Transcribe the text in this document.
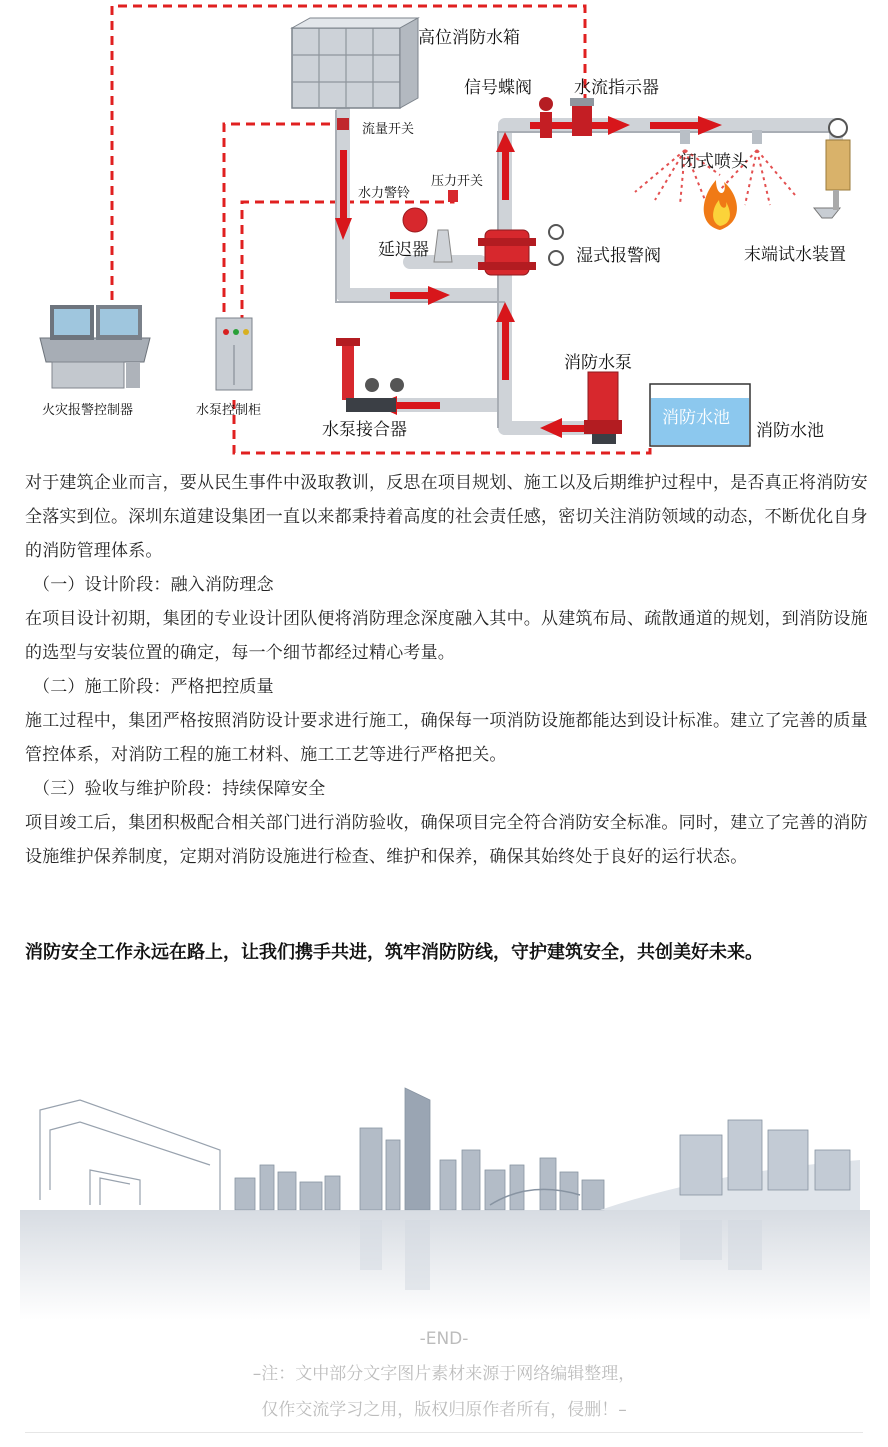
高位消防水箱
流量开关
信号蝶阀 水流指示器
闭式喷头
水力警铃
压力开关
延迟器	湿式报警阀	末端试水装置
火灾报警控制器	水泵控制柜
水泵接合器
消防水泵
消防水池
消防水池

对于建筑企业而言，要从民生事件中汲取教训，反思在项目规划、施工以及后期维护过程中，是否真正将消防安全落实到位。深圳东道建设集团一直以来都秉持着高度的社会责任感，密切关注消防领域的动态，不断优化自身的消防管理体系。

（一）设计阶段：融入消防理念

在项目设计初期，集团的专业设计团队便将消防理念深度融入其中。从建筑布局、疏散通道的规划，到消防设施的选型与安装位置的确定，每一个细节都经过精心考量。

（二）施工阶段：严格把控质量

施工过程中，集团严格按照消防设计要求进行施工，确保每一项消防设施都能达到设计标准。建立了完善的质量管控体系，对消防工程的施工材料、施工工艺等进行严格把关。

（三）验收与维护阶段：持续保障安全

项目竣工后，集团积极配合相关部门进行消防验收，确保项目完全符合消防安全标准。同时，建立了完善的消防设施维护保养制度，定期对消防设施进行检查、维护和保养，确保其始终处于良好的运行状态。

消防安全工作永远在路上，让我们携手共进，筑牢消防防线，守护建筑安全，共创美好未来。

-END-
–注：文中部分文字图片素材来源于网络编辑整理，
仅作交流学习之用，版权归原作者所有，侵删！–
